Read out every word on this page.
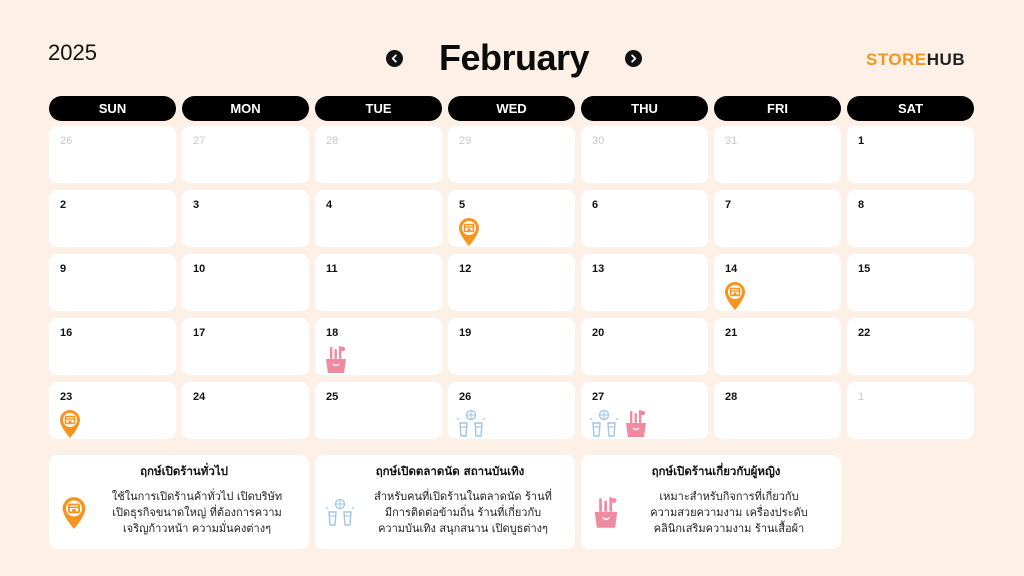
2025	February	STOREHUB
SUN	MON	TUE	WED	THU	FRI	SAT
26	27	28	29	30	31	1
2	3	4	5	6	7	8
9	10	11	12	13	14	15
16	17	18	19	20	21	22
23	24	25	26	27	28	1
ฤกษ์เปิดร้านทั่วไป
ใช้ในการเปิดร้านค้าทั่วไป เปิดบริษัท
เปิดธุรกิจขนาดใหญ่ ที่ต้องการความ
เจริญก้าวหน้า ความมั่นคงต่างๆ
ฤกษ์เปิดตลาดนัด สถานบันเทิง
สำหรับคนที่เปิดร้านในตลาดนัด ร้านที่
มีการติดต่อข้ามถิ่น ร้านที่เกี่ยวกับ
ความบันเทิง สนุกสนาน เปิดบูธต่างๆ
ฤกษ์เปิดร้านเกี่ยวกับผู้หญิง
เหมาะสำหรับกิจการที่เกี่ยวกับ
ความสวยความงาม เครื่องประดับ
คลินิกเสริมความงาม ร้านเสื้อผ้า
